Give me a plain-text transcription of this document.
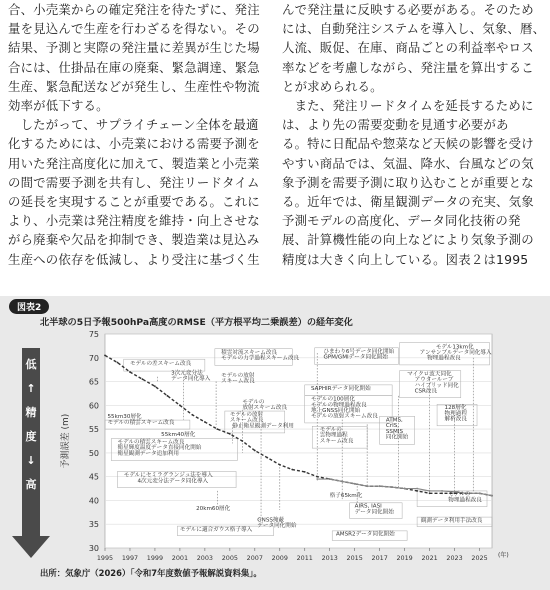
合、小売業からの確定発注を待たずに、発注

量を見込んで生産を行わざるを得ない。その

結果、予測と実際の発注量に差異が生じた場

合には、仕掛品在庫の廃棄、緊急調達、緊急

生産、緊急配送などが発生し、生産性や物流

効率が低下する。

　したがって、サプライチェーン全体を最適

化するためには、小売業における需要予測を

用いた発注高度化に加えて、製造業と小売業

の間で需要予測を共有し、発注リードタイム

の延長を実現することが重要である。これに

より、小売業は発注精度を維持・向上させな

がら廃棄や欠品を抑制でき、製造業は見込み

生産への依存を低減し、より受注に基づく生

んで発注量に反映する必要がある。そのため

には、自動発注システムを導入し、気象、暦、

人流、販促、在庫、商品ごとの利益率やロス

率などを考慮しながら、発注量を算出するこ

とが求められる。

　また、発注リードタイムを延長するために

は、より先の需要変動を見通す必要があ

る。特に日配品や惣菜など天候の影響を受け

やすい商品では、気温、降水、台風などの気

象予測を需要予測に取り込むことが重要とな

る。近年では、衛星観測データの充実、気象

予測モデルの高度化、データ同化技術の発

展、計算機性能の向上などにより気象予測の

精度は大きく向上している。図表２は1995

図表2
北半球の5日予報500hPa高度のRMSE（平方根平均二乗誤差）の経年変化
低
↑
精
度
↓
高
予測誤差 (m)
30
35
40
45
50
55
60
65
70
75
1995 1997 1999 2001 2003 2005 2007 2009 2011 2013 2015 2017 2019 2021 2023 2025 (年)
モデルの差スキーム改良
3次元変分法
データ同化導入
積雲対流スキーム改良
モデルの力学過程スキーム改良
モデルの放射
スキーム改良
55km30層化
モデルの積雲スキーム改良
モデルの
放射スキーム改良
モデルの放射
スキーム改良
静止衛星観測データ利用
55km40層化
モデルの積雲スキーム改良
衛星輝度温度データ直接同化開始
衛星観測データ追加利用
モデルにセミラグランジュ法を導入
4次元変分法データ同化導入
20km60層化
モデルに適合ガウス格子導入
GNSS掩蔽
データ同化開始
ひまわり6号データ同化開始
GPM/GMIデータ同化開始
SAPHIRデータ同化開始
モデルの100層化
モデルの物理過程改良
地上GNSS同化開始
モデルの放射スキーム改良
モデルの
雲物理過程
スキーム改良
ATMS,
CrIS,
SSMIS
同化開始
格子65km化
AIRS, IASI
データ同化開始
AMSR2データ同化開始
モデル13km化
アンサンブルデータ同化導入
物理過程改良
マイクロ波天同化
アウタールーブ
ハイブリッド同化
CSR改良
128層化
物理過程
解析改良
モデルの
物理過程改良
観測データ利用手法改良
出所：気象庁（2026）「令和7年度数値予報解説資料集」。
